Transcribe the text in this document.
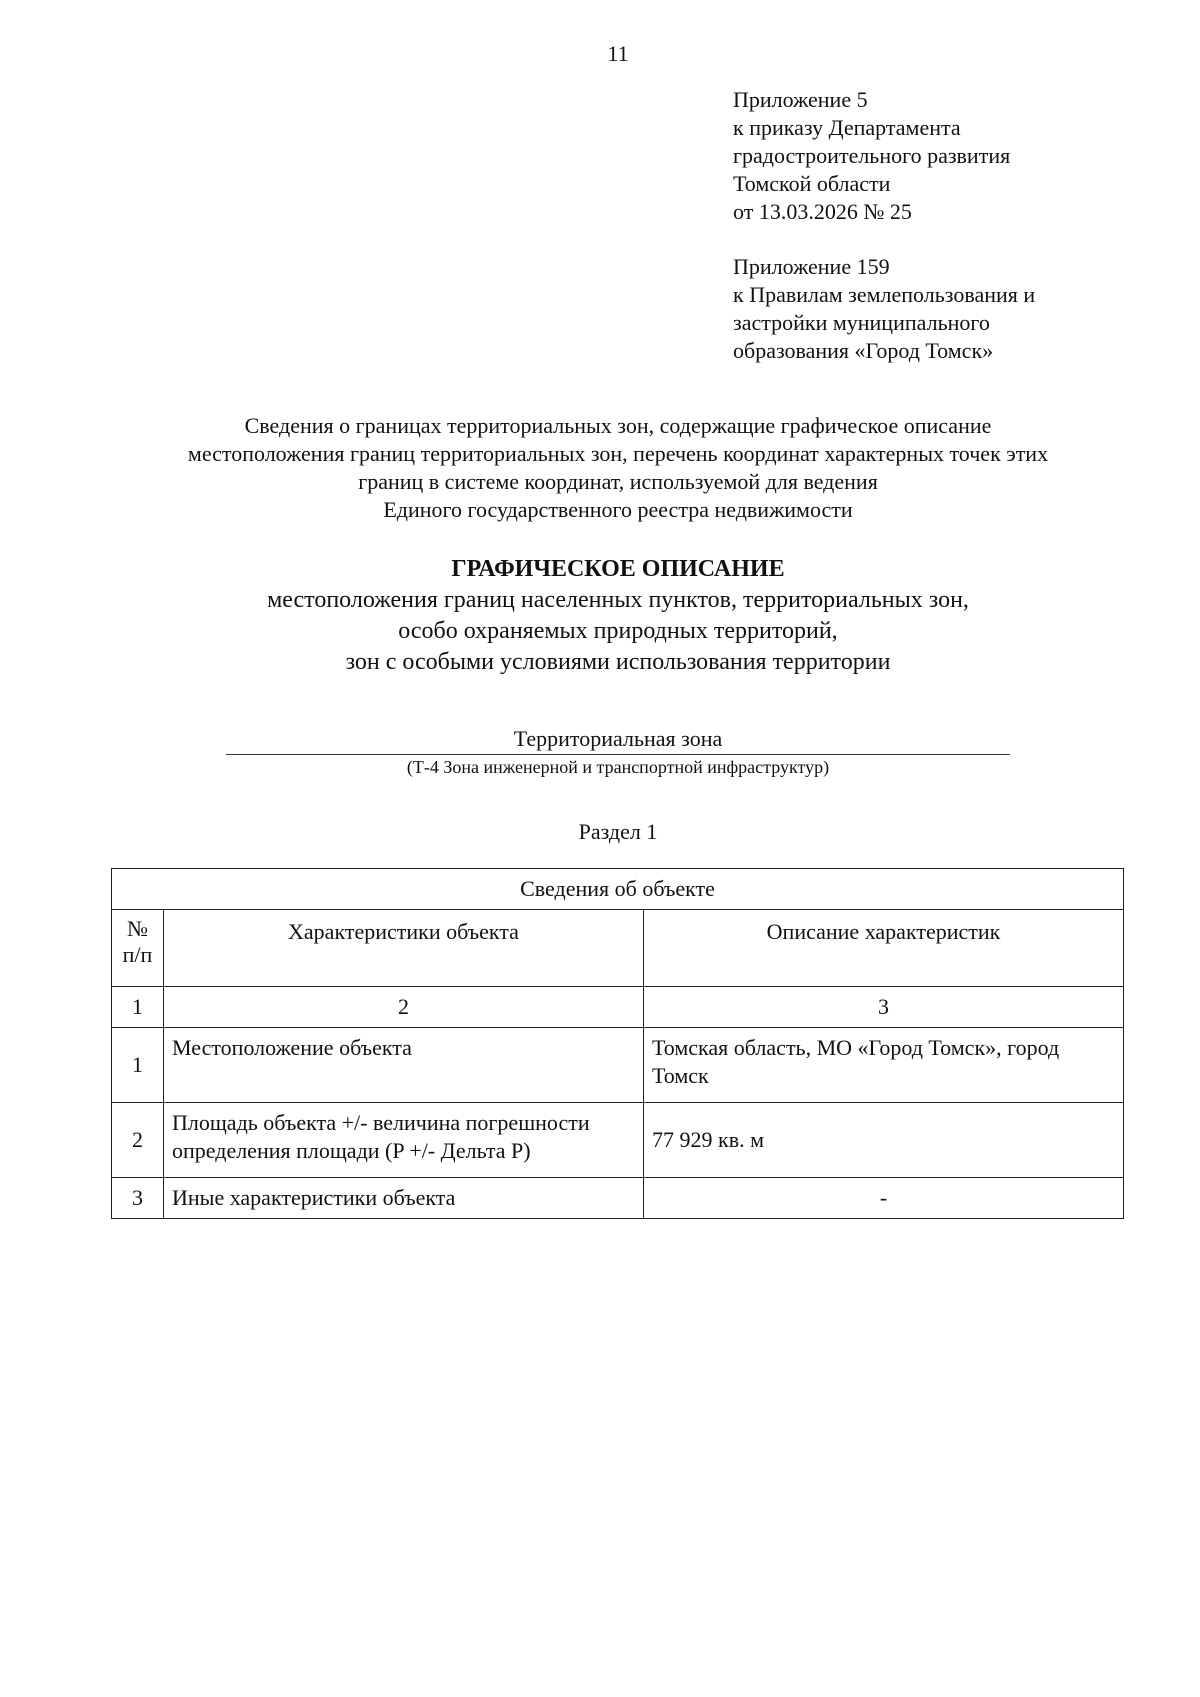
11

Приложение 5

к приказу Департамента

градостроительного развития

Томской области

от 13.03.2026 № 25

Приложение 159

к Правилам землепользования и

застройки муниципального

образования «Город Томск»

Сведения о границах территориальных зон, содержащие графическое описание

местоположения границ территориальных зон, перечень координат характерных точек этих

границ в системе координат, используемой для ведения

Единого государственного реестра недвижимости

ГРАФИЧЕСКОЕ ОПИСАНИЕ

местоположения границ населенных пунктов, территориальных зон,

особо охраняемых природных территорий,

зон с особыми условиями использования территории

Территориальная зона
(Т-4 Зона инженерной и транспортной инфраструктур)
Раздел 1
Сведения об объекте		

№
п/п	Характеристики объекта	Описание характеристик
1	2	3
1	Местоположение объекта	Томская область, МО «Город Томск», город Томск
2	Площадь объекта +/- величина погрешности определения площади (P +/- Дельта P)	77 929 кв. м
3	Иные характеристики объекта	-
